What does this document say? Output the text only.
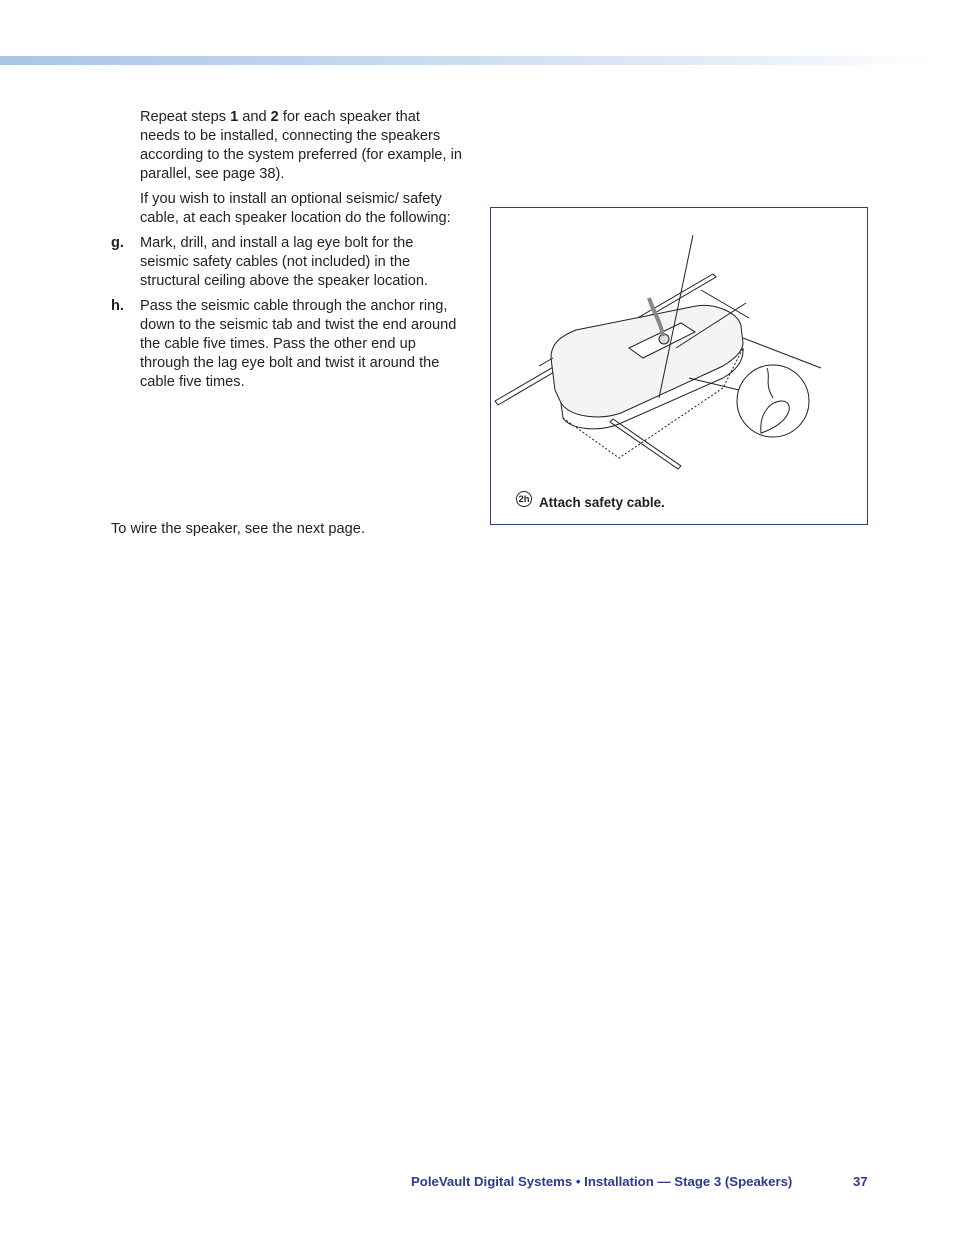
Repeat steps 1 and 2 for each speaker that needs to be installed, connecting the speakers according to the system preferred (for example, in parallel, see page 38).

If you wish to install an optional seismic/ safety cable, at each speaker location do the following:

g. Mark, drill, and install a lag eye bolt for the seismic safety cables (not included) in the structural ceiling above the speaker location.
h. Pass the seismic cable through the anchor ring, down to the seismic tab and twist the end around the cable five times. Pass the other end up through the lag eye bolt and twist it around the cable five times.
To wire the speaker, see the next page.
2h Attach safety cable.
PoleVault Digital Systems • Installation — Stage 3 (Speakers)	37
